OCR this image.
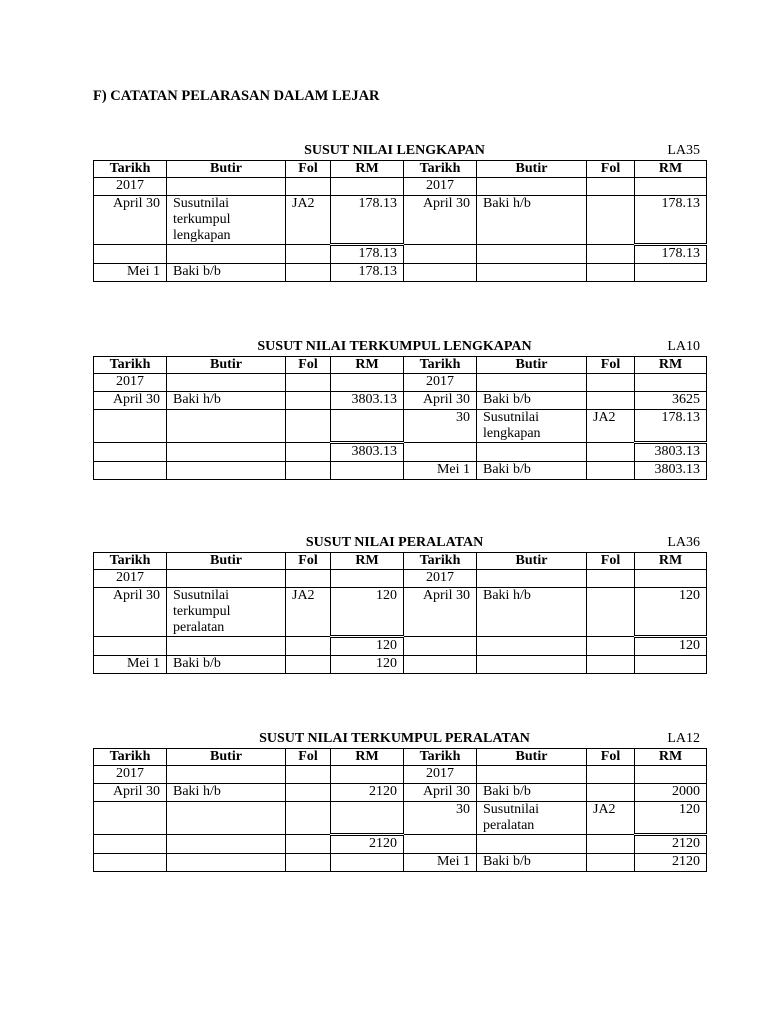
F) CATATAN PELARASAN DALAM LEJAR
SUSUT NILAI LENGKAPAN	LA35
Tarikh	Butir	Fol	RM	Tarikh	Butir	Fol	RM
2017				2017			
April 30	Susutnilai terkumpul lengkapan	JA2	178.13	April 30	Baki h/b		178.13
			178.13				178.13
Mei 1	Baki b/b		178.13				
SUSUT NILAI TERKUMPUL LENGKAPAN	LA10
Tarikh	Butir	Fol	RM	Tarikh	Butir	Fol	RM
2017				2017			
April 30	Baki h/b		3803.13	April 30	Baki b/b		3625
				30	Susutnilai lengkapan	JA2	178.13
			3803.13				3803.13
				Mei 1	Baki b/b		3803.13
SUSUT NILAI PERALATAN	LA36
Tarikh	Butir	Fol	RM	Tarikh	Butir	Fol	RM
2017				2017			
April 30	Susutnilai terkumpul peralatan	JA2	120	April 30	Baki h/b		120
			120				120
Mei 1	Baki b/b		120				
SUSUT NILAI TERKUMPUL PERALATAN	LA12
Tarikh	Butir	Fol	RM	Tarikh	Butir	Fol	RM
2017				2017			
April 30	Baki h/b		2120	April 30	Baki b/b		2000
				30	Susutnilai peralatan	JA2	120
			2120				2120
				Mei 1	Baki b/b		2120
